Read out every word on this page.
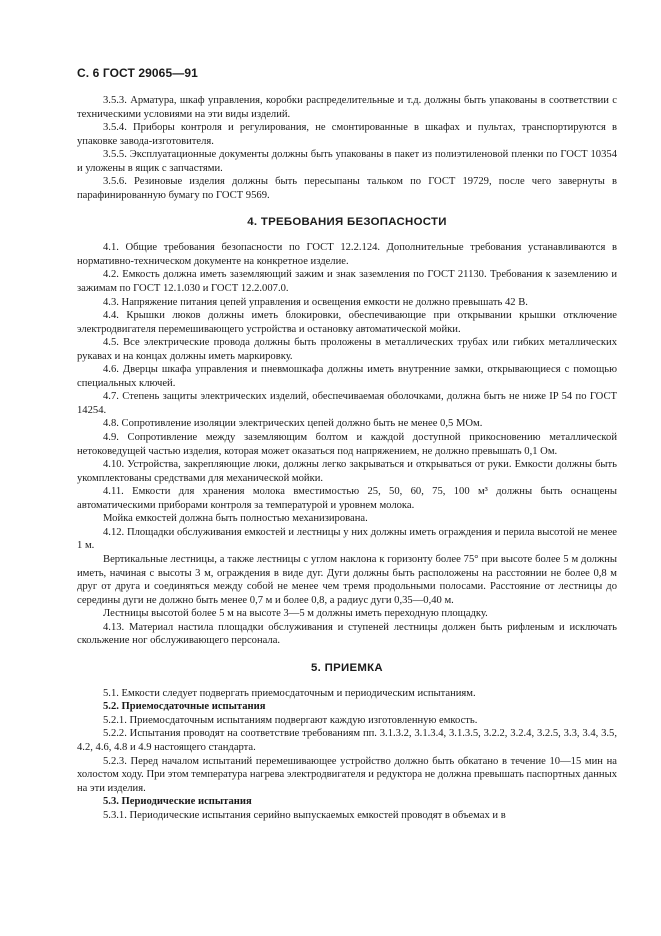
С. 6 ГОСТ 29065—91

3.5.3. Арматура, шкаф управления, коробки распределительные и т.д. должны быть упакованы в соответствии с техническими условиями на эти виды изделий.

3.5.4. Приборы контроля и регулирования, не смонтированные в шкафах и пультах, транспортируются в упаковке завода-изготовителя.

3.5.5. Эксплуатационные документы должны быть упакованы в пакет из полиэтиленовой пленки по ГОСТ 10354 и уложены в ящик с запчастями.

3.5.6. Резиновые изделия должны быть пересыпаны тальком по ГОСТ 19729, после чего завернуты в парафинированную бумагу по ГОСТ 9569.

4. ТРЕБОВАНИЯ БЕЗОПАСНОСТИ

4.1. Общие требования безопасности по ГОСТ 12.2.124. Дополнительные требования устанавливаются в нормативно-техническом документе на конкретное изделие.

4.2. Емкость должна иметь заземляющий зажим и знак заземления по ГОСТ 21130. Требования к заземлению и зажимам по ГОСТ 12.1.030 и ГОСТ 12.2.007.0.

4.3. Напряжение питания цепей управления и освещения емкости не должно превышать 42 В.

4.4. Крышки люков должны иметь блокировки, обеспечивающие при открывании крышки отключение электродвигателя перемешивающего устройства и остановку автоматической мойки.

4.5. Все электрические провода должны быть проложены в металлических трубах или гибких металлических рукавах и на концах должны иметь маркировку.

4.6. Дверцы шкафа управления и пневмошкафа должны иметь внутренние замки, открывающиеся с помощью специальных ключей.

4.7. Степень защиты электрических изделий, обеспечиваемая оболочками, должна быть не ниже IP 54 по ГОСТ 14254.

4.8. Сопротивление изоляции электрических цепей должно быть не менее 0,5 МОм.

4.9. Сопротивление между заземляющим болтом и каждой доступной прикосновению металлической нетоковедущей частью изделия, которая может оказаться под напряжением, не должно превышать 0,1 Ом.

4.10. Устройства, закрепляющие люки, должны легко закрываться и открываться от руки. Емкости должны быть укомплектованы средствами для механической мойки.

4.11. Емкости для хранения молока вместимостью 25, 50, 60, 75, 100 м³ должны быть оснащены автоматическими приборами контроля за температурой и уровнем молока.

Мойка емкостей должна быть полностью механизирована.

4.12. Площадки обслуживания емкостей и лестницы у них должны иметь ограждения и перила высотой не менее 1 м.

Вертикальные лестницы, а также лестницы с углом наклона к горизонту более 75° при высоте более 5 м должны иметь, начиная с высоты 3 м, ограждения в виде дуг. Дуги должны быть расположены на расстоянии не более 0,8 м друг от друга и соединяться между собой не менее чем тремя продольными полосами. Расстояние от лестницы до середины дуги не должно быть менее 0,7 м и более 0,8, а радиус дуги 0,35—0,40 м.

Лестницы высотой более 5 м на высоте 3—5 м должны иметь переходную площадку.

4.13. Материал настила площадки обслуживания и ступеней лестницы должен быть рифленым и исключать скольжение ног обслуживающего персонала.

5. ПРИЕМКА

5.1. Емкости следует подвергать приемосдаточным и периодическим испытаниям.

5.2. Приемосдаточные испытания

5.2.1. Приемосдаточным испытаниям подвергают каждую изготовленную емкость.

5.2.2. Испытания проводят на соответствие требованиям пп. 3.1.3.2, 3.1.3.4, 3.1.3.5, 3.2.2, 3.2.4, 3.2.5, 3.3, 3.4, 3.5, 4.2, 4.6, 4.8 и 4.9 настоящего стандарта.

5.2.3. Перед началом испытаний перемешивающее устройство должно быть обкатано в течение 10—15 мин на холостом ходу. При этом температура нагрева электродвигателя и редуктора не должна превышать паспортных данных на эти изделия.

5.3. Периодические испытания

5.3.1. Периодические испытания серийно выпускаемых емкостей проводят в объемах и в
